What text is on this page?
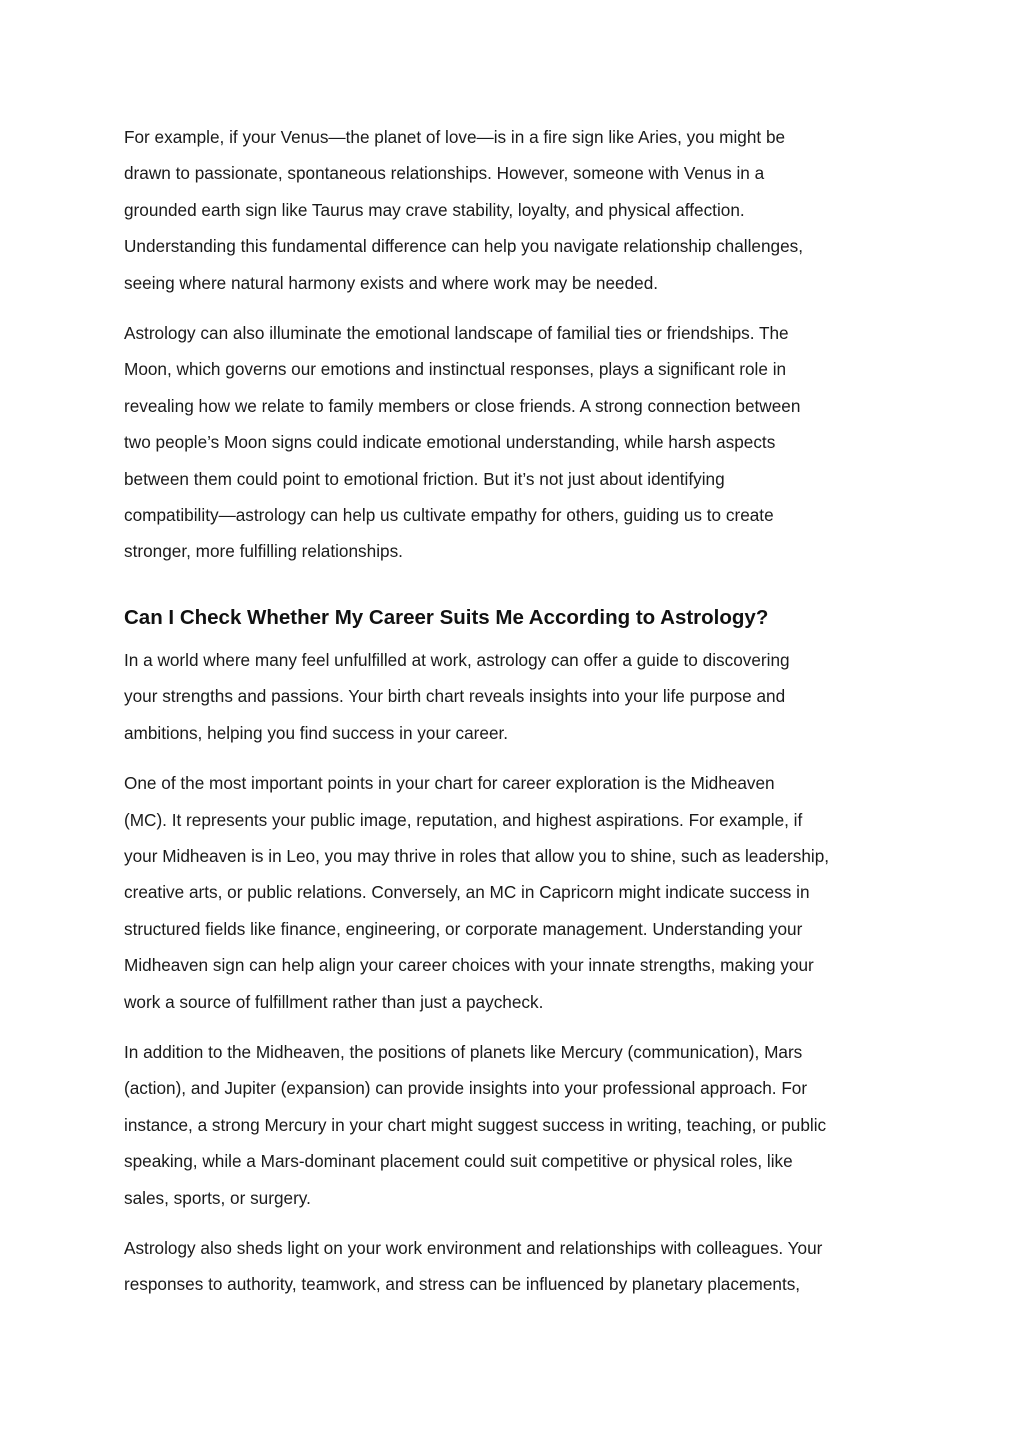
For example, if your Venus—the planet of love—is in a fire sign like Aries, you might be
drawn to passionate, spontaneous relationships. However, someone with Venus in a
grounded earth sign like Taurus may crave stability, loyalty, and physical affection.
Understanding this fundamental difference can help you navigate relationship challenges,
seeing where natural harmony exists and where work may be needed.

Astrology can also illuminate the emotional landscape of familial ties or friendships. The
Moon, which governs our emotions and instinctual responses, plays a significant role in
revealing how we relate to family members or close friends. A strong connection between
two people’s Moon signs could indicate emotional understanding, while harsh aspects
between them could point to emotional friction. But it’s not just about identifying
compatibility—astrology can help us cultivate empathy for others, guiding us to create
stronger, more fulfilling relationships.

Can I Check Whether My Career Suits Me According to Astrology?

In a world where many feel unfulfilled at work, astrology can offer a guide to discovering
your strengths and passions. Your birth chart reveals insights into your life purpose and
ambitions, helping you find success in your career.

One of the most important points in your chart for career exploration is the Midheaven
(MC). It represents your public image, reputation, and highest aspirations. For example, if
your Midheaven is in Leo, you may thrive in roles that allow you to shine, such as leadership,
creative arts, or public relations. Conversely, an MC in Capricorn might indicate success in
structured fields like finance, engineering, or corporate management. Understanding your
Midheaven sign can help align your career choices with your innate strengths, making your
work a source of fulfillment rather than just a paycheck.

In addition to the Midheaven, the positions of planets like Mercury (communication), Mars
(action), and Jupiter (expansion) can provide insights into your professional approach. For
instance, a strong Mercury in your chart might suggest success in writing, teaching, or public
speaking, while a Mars-dominant placement could suit competitive or physical roles, like
sales, sports, or surgery.

Astrology also sheds light on your work environment and relationships with colleagues. Your
responses to authority, teamwork, and stress can be influenced by planetary placements,
